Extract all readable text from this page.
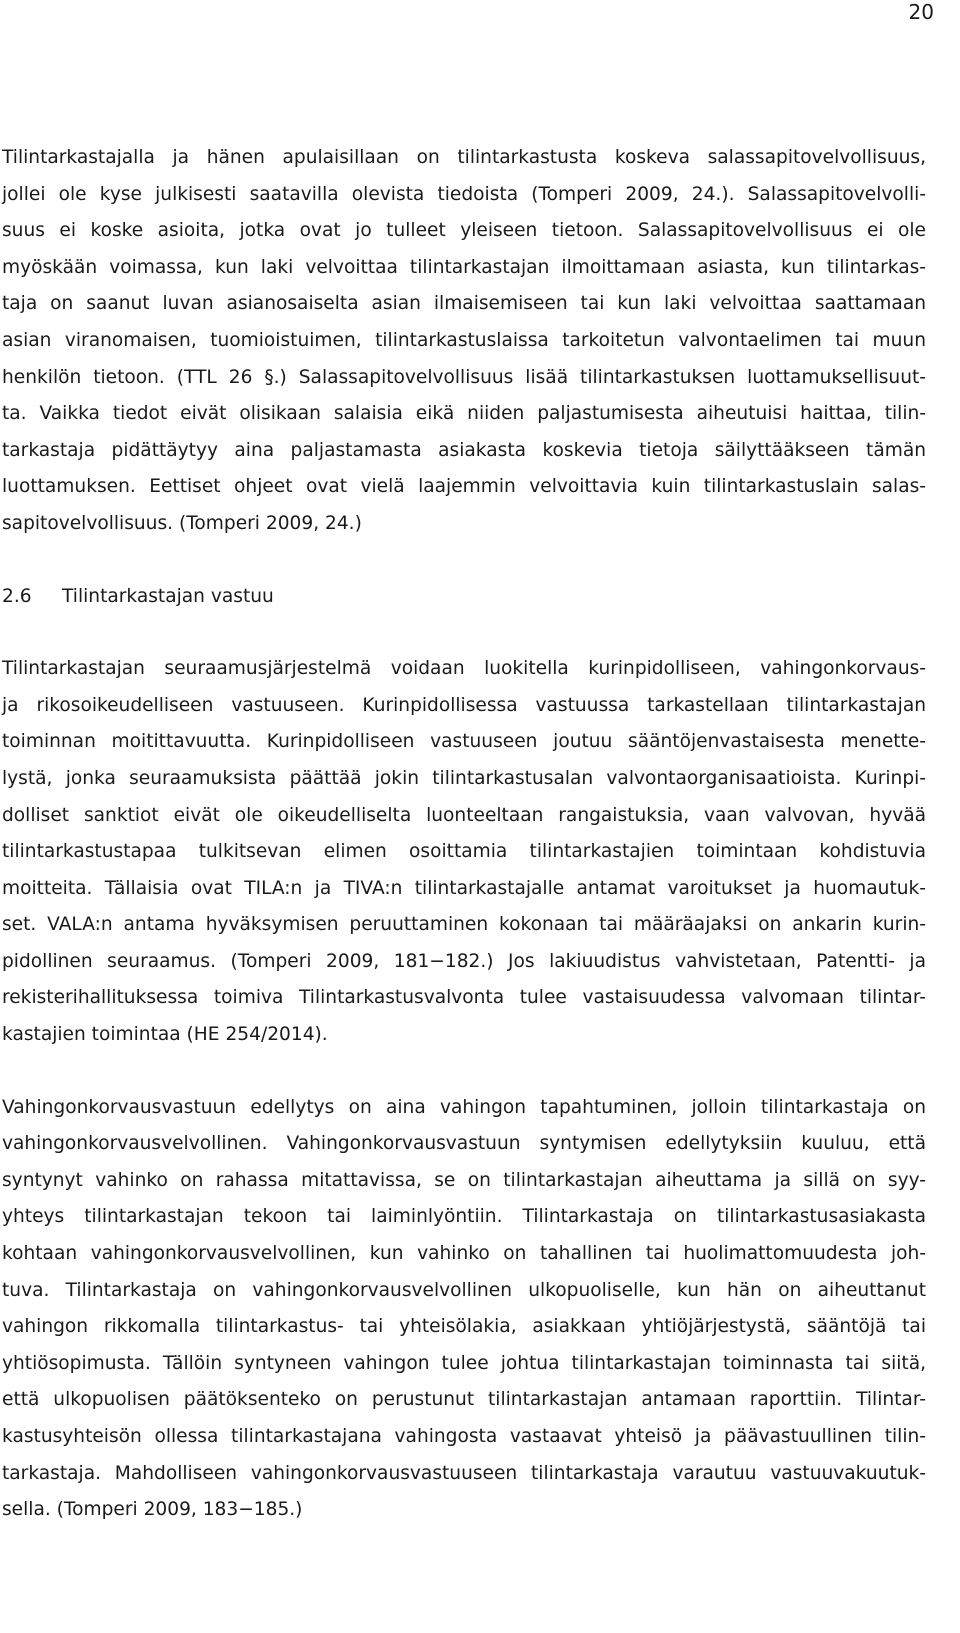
20

Tilintarkastajalla ja hänen apulaisillaan on tilintarkastusta koskeva salassapitovelvollisuus,
jollei ole kyse julkisesti saatavilla olevista tiedoista (Tomperi 2009, 24.). Salassapitovelvolli-
suus ei koske asioita, jotka ovat jo tulleet yleiseen tietoon. Salassapitovelvollisuus ei ole
myöskään voimassa, kun laki velvoittaa tilintarkastajan ilmoittamaan asiasta, kun tilintarkas-
taja on saanut luvan asianosaiselta asian ilmaisemiseen tai kun laki velvoittaa saattamaan
asian viranomaisen, tuomioistuimen, tilintarkastuslaissa tarkoitetun valvontaelimen tai muun
henkilön tietoon. (TTL 26 §.) Salassapitovelvollisuus lisää tilintarkastuksen luottamuksellisuut-
ta. Vaikka tiedot eivät olisikaan salaisia eikä niiden paljastumisesta aiheutuisi haittaa, tilin-
tarkastaja pidättäytyy aina paljastamasta asiakasta koskevia tietoja säilyttääkseen tämän
luottamuksen. Eettiset ohjeet ovat vielä laajemmin velvoittavia kuin tilintarkastuslain salas-
sapitovelvollisuus. (Tomperi 2009, 24.)

2.6	Tilintarkastajan vastuu

Tilintarkastajan seuraamusjärjestelmä voidaan luokitella kurinpidolliseen, vahingonkorvaus-
ja rikosoikeudelliseen vastuuseen. Kurinpidollisessa vastuussa tarkastellaan tilintarkastajan
toiminnan moitittavuutta. Kurinpidolliseen vastuuseen joutuu sääntöjenvastaisesta menette-
lystä, jonka seuraamuksista päättää jokin tilintarkastusalan valvontaorganisaatioista. Kurinpi-
dolliset sanktiot eivät ole oikeudelliselta luonteeltaan rangaistuksia, vaan valvovan, hyvää
tilintarkastustapaa tulkitsevan elimen osoittamia tilintarkastajien toimintaan kohdistuvia
moitteita. Tällaisia ovat TILA:n ja TIVA:n tilintarkastajalle antamat varoitukset ja huomautuk-
set. VALA:n antama hyväksymisen peruuttaminen kokonaan tai määräajaksi on ankarin kurin-
pidollinen seuraamus. (Tomperi 2009, 181−182.) Jos lakiuudistus vahvistetaan, Patentti- ja
rekisterihallituksessa toimiva Tilintarkastusvalvonta tulee vastaisuudessa valvomaan tilintar-
kastajien toimintaa (HE 254/2014).

Vahingonkorvausvastuun edellytys on aina vahingon tapahtuminen, jolloin tilintarkastaja on
vahingonkorvausvelvollinen. Vahingonkorvausvastuun syntymisen edellytyksiin kuuluu, että
syntynyt vahinko on rahassa mitattavissa, se on tilintarkastajan aiheuttama ja sillä on syy-
yhteys tilintarkastajan tekoon tai laiminlyöntiin. Tilintarkastaja on tilintarkastusasiakasta
kohtaan vahingonkorvausvelvollinen, kun vahinko on tahallinen tai huolimattomuudesta joh-
tuva. Tilintarkastaja on vahingonkorvausvelvollinen ulkopuoliselle, kun hän on aiheuttanut
vahingon rikkomalla tilintarkastus- tai yhteisölakia, asiakkaan yhtiöjärjestystä, sääntöjä tai
yhtiösopimusta. Tällöin syntyneen vahingon tulee johtua tilintarkastajan toiminnasta tai siitä,
että ulkopuolisen päätöksenteko on perustunut tilintarkastajan antamaan raporttiin. Tilintar-
kastusyhteisön ollessa tilintarkastajana vahingosta vastaavat yhteisö ja päävastuullinen tilin-
tarkastaja. Mahdolliseen vahingonkorvausvastuuseen tilintarkastaja varautuu vastuuvakuutuk-
sella. (Tomperi 2009, 183−185.)
